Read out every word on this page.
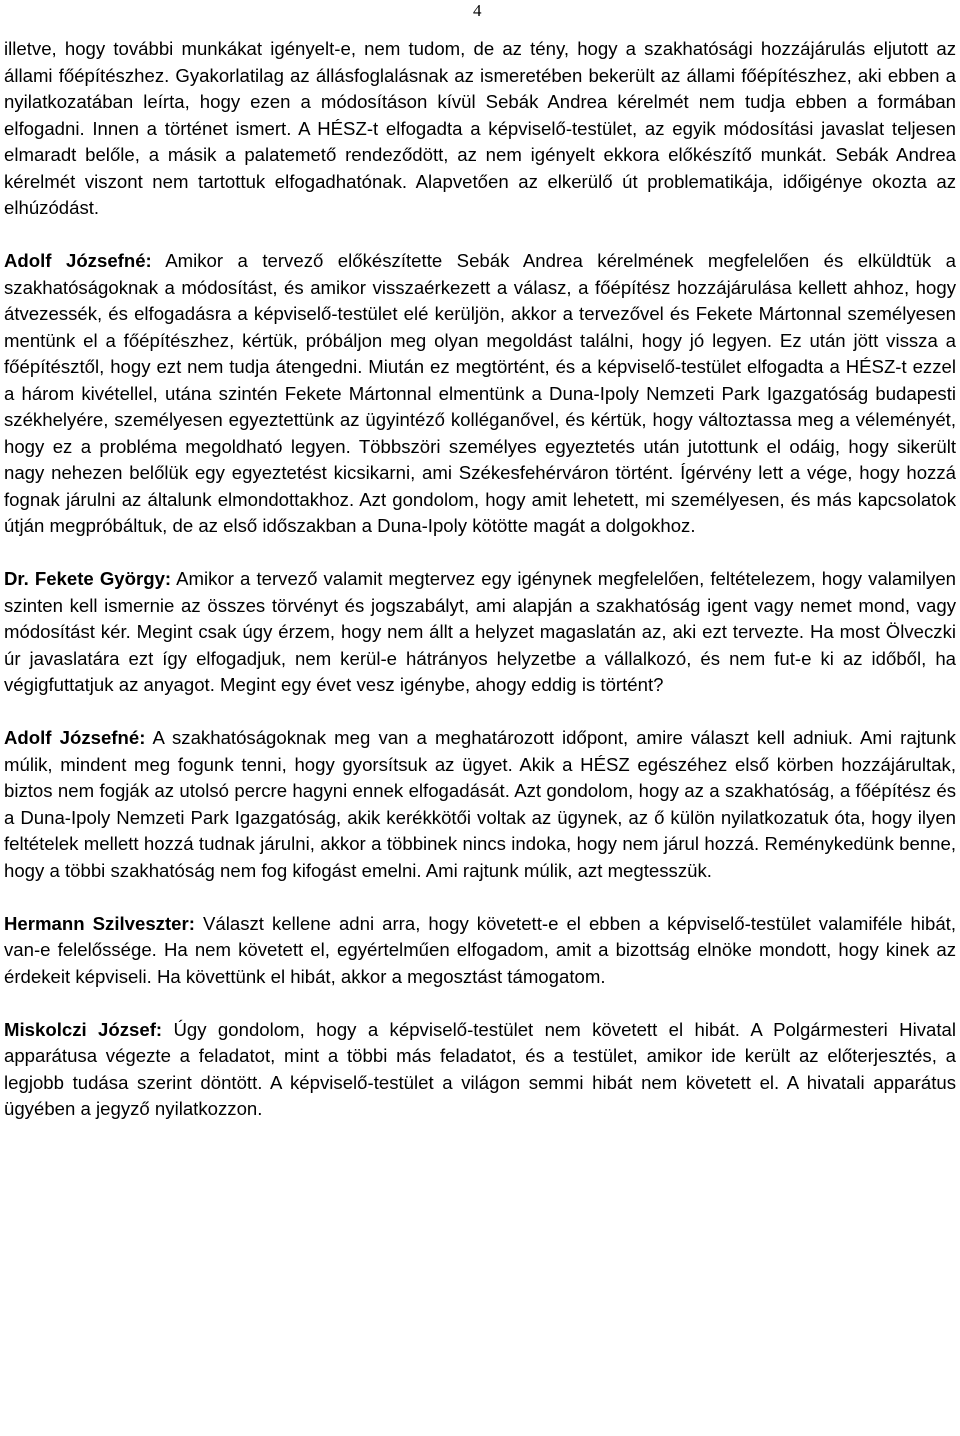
4

illetve, hogy további munkákat igényelt-e, nem tudom, de az tény, hogy a szakhatósági hozzájárulás eljutott az állami főépítészhez. Gyakorlatilag az állásfoglalásnak az ismeretében bekerült az állami főépítészhez, aki ebben a nyilatkozatában leírta, hogy ezen a módosításon kívül Sebák Andrea kérelmét nem tudja ebben a formában elfogadni. Innen a történet ismert. A HÉSZ-t elfogadta a képviselő-testület, az egyik módosítási javaslat teljesen elmaradt belőle, a másik a palatemető rendeződött, az nem igényelt ekkora előkészítő munkát. Sebák Andrea kérelmét viszont nem tartottuk elfogadhatónak. Alapvetően az elkerülő út problematikája, időigénye okozta az elhúzódást.

Adolf Józsefné: Amikor a tervező előkészítette Sebák Andrea kérelmének megfelelően és elküldtük a szakhatóságoknak a módosítást, és amikor visszaérkezett a válasz, a főépítész hozzájárulása kellett ahhoz, hogy átvezessék, és elfogadásra a képviselő-testület elé kerüljön, akkor a tervezővel és Fekete Mártonnal személyesen mentünk el a főépítészhez, kértük, próbáljon meg olyan megoldást találni, hogy jó legyen. Ez után jött vissza a főépítésztől, hogy ezt nem tudja átengedni. Miután ez megtörtént, és a képviselő-testület elfogadta a HÉSZ-t ezzel a három kivétellel, utána szintén Fekete Mártonnal elmentünk a Duna-Ipoly Nemzeti Park Igazgatóság budapesti székhelyére, személyesen egyeztettünk az ügyintéző kolléganővel, és kértük, hogy változtassa meg a véleményét, hogy ez a probléma megoldható legyen. Többszöri személyes egyeztetés után jutottunk el odáig, hogy sikerült nagy nehezen belőlük egy egyeztetést kicsikarni, ami Székesfehérváron történt. Ígérvény lett a vége, hogy hozzá fognak járulni az általunk elmondottakhoz. Azt gondolom, hogy amit lehetett, mi személyesen, és más kapcsolatok útján megpróbáltuk, de az első időszakban a Duna-Ipoly kötötte magát a dolgokhoz.

Dr. Fekete György: Amikor a tervező valamit megtervez egy igénynek megfelelően, feltételezem, hogy valamilyen szinten kell ismernie az összes törvényt és jogszabályt, ami alapján a szakhatóság igent vagy nemet mond, vagy módosítást kér. Megint csak úgy érzem, hogy nem állt a helyzet magaslatán az, aki ezt tervezte. Ha most Ölveczki úr javaslatára ezt így elfogadjuk, nem kerül-e hátrányos helyzetbe a vállalkozó, és nem fut-e ki az időből, ha végigfuttatjuk az anyagot. Megint egy évet vesz igénybe, ahogy eddig is történt?

Adolf Józsefné: A szakhatóságoknak meg van a meghatározott időpont, amire választ kell adniuk. Ami rajtunk múlik, mindent meg fogunk tenni, hogy gyorsítsuk az ügyet. Akik a HÉSZ egészéhez első körben hozzájárultak, biztos nem fogják az utolsó percre hagyni ennek elfogadását. Azt gondolom, hogy az a szakhatóság, a főépítész és a Duna-Ipoly Nemzeti Park Igazgatóság, akik kerékkötői voltak az ügynek, az ő külön nyilatkozatuk óta, hogy ilyen feltételek mellett hozzá tudnak járulni, akkor a többinek nincs indoka, hogy nem járul hozzá. Reménykedünk benne, hogy a többi szakhatóság nem fog kifogást emelni. Ami rajtunk múlik, azt megtesszük.

Hermann Szilveszter: Választ kellene adni arra, hogy követett-e el ebben a képviselő-testület valamiféle hibát, van-e felelőssége. Ha nem követett el, egyértelműen elfogadom, amit a bizottság elnöke mondott, hogy kinek az érdekeit képviseli. Ha követtünk el hibát, akkor a megosztást támogatom.

Miskolczi József: Úgy gondolom, hogy a képviselő-testület nem követett el hibát. A Polgármesteri Hivatal apparátusa végezte a feladatot, mint a többi más feladatot, és a testület, amikor ide került az előterjesztés, a legjobb tudása szerint döntött. A képviselő-testület a világon semmi hibát nem követett el. A hivatali apparátus ügyében a jegyző nyilatkozzon.
